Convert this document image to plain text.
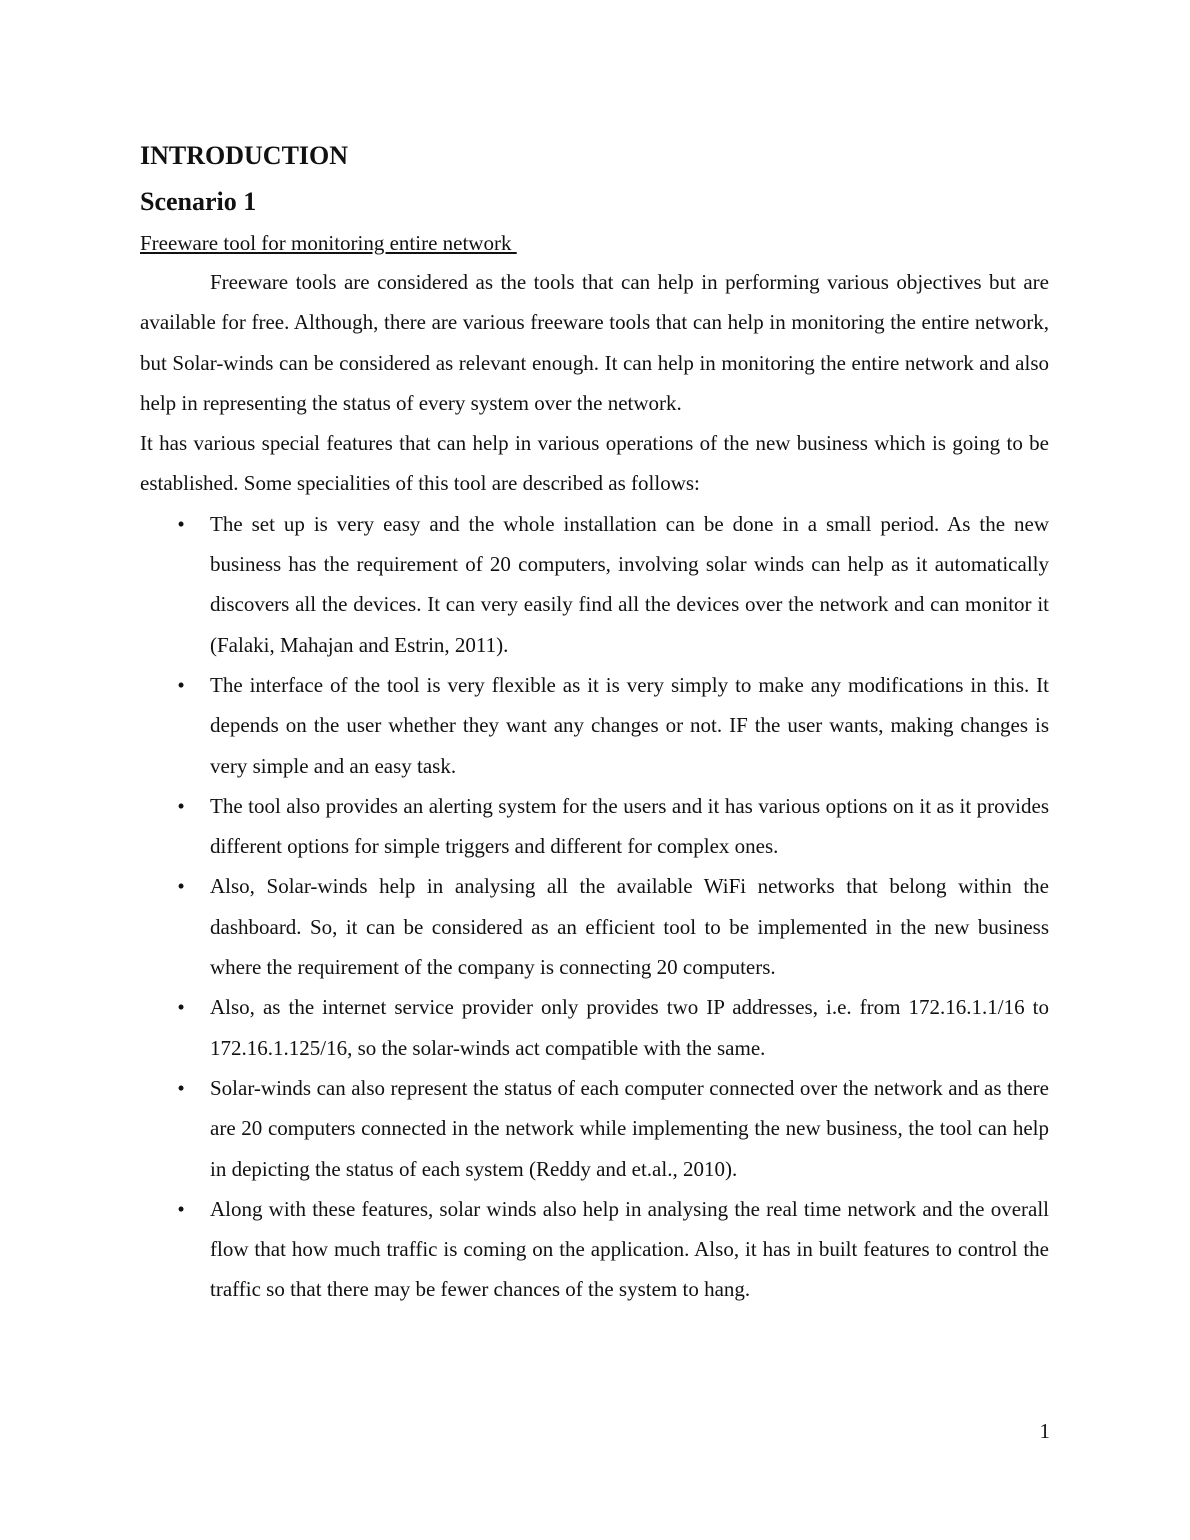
INTRODUCTION
Scenario 1
Freeware tool for monitoring entire network

Freeware tools are considered as the tools that can help in performing various objectives but are available for free. Although, there are various freeware tools that can help in monitoring the entire network, but Solar-winds can be considered as relevant enough. It can help in monitoring the entire network and also help in representing the status of every system over the network.

It has various special features that can help in various operations of the new business which is going to be established. Some specialities of this tool are described as follows:

• The set up is very easy and the whole installation can be done in a small period. As the new business has the requirement of 20 computers, involving solar winds can help as it automatically discovers all the devices. It can very easily find all the devices over the network and can monitor it (Falaki, Mahajan and Estrin, 2011).
• The interface of the tool is very flexible as it is very simply to make any modifications in this. It depends on the user whether they want any changes or not. IF the user wants, making changes is very simple and an easy task.
• The tool also provides an alerting system for the users and it has various options on it as it provides different options for simple triggers and different for complex ones.
• Also, Solar-winds help in analysing all the available WiFi networks that belong within the dashboard. So, it can be considered as an efficient tool to be implemented in the new business where the requirement of the company is connecting 20 computers.
• Also, as the internet service provider only provides two IP addresses, i.e. from 172.16.1.1/16 to 172.16.1.125/16, so the solar-winds act compatible with the same.
• Solar-winds can also represent the status of each computer connected over the network and as there are 20 computers connected in the network while implementing the new business, the tool can help in depicting the status of each system (Reddy and et.al., 2010).
• Along with these features, solar winds also help in analysing the real time network and the overall flow that how much traffic is coming on the application. Also, it has in built features to control the traffic so that there may be fewer chances of the system to hang.
1
